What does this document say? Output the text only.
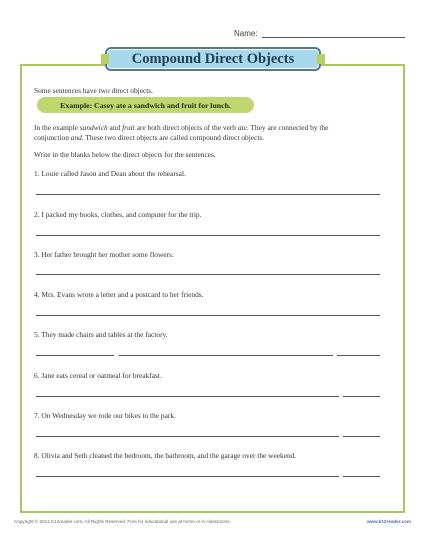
Name:
Compound Direct Objects
Some sentences have two direct objects.
Example: Casey ate a sandwich and fruit for lunch.
In the example sandwich and fruit are both direct objects of the verb ate. They are connected by the
conjunction and. These two direct objects are called compound direct objects.
Write in the blanks below the direct objects for the sentences.
1. Louie called Jason and Dean about the rehearsal.
2. I packed my books, clothes, and computer for the trip.
3. Her father brought her mother some flowers.
4. Mrs. Evans wrote a letter and a postcard to her friends.
5. They made chairs and tables at the factory.
6. Jane eats cereal or oatmeal for breakfast.
7. On Wednesday we rode our bikes to the park.
8. Olivia and Seth cleaned the bedroom, the bathroom, and the garage over the weekend.
Copyright © 2014 K12reader.com. All Rights Reserved. Free for educational use at home or in classrooms.	www.k12reader.com
